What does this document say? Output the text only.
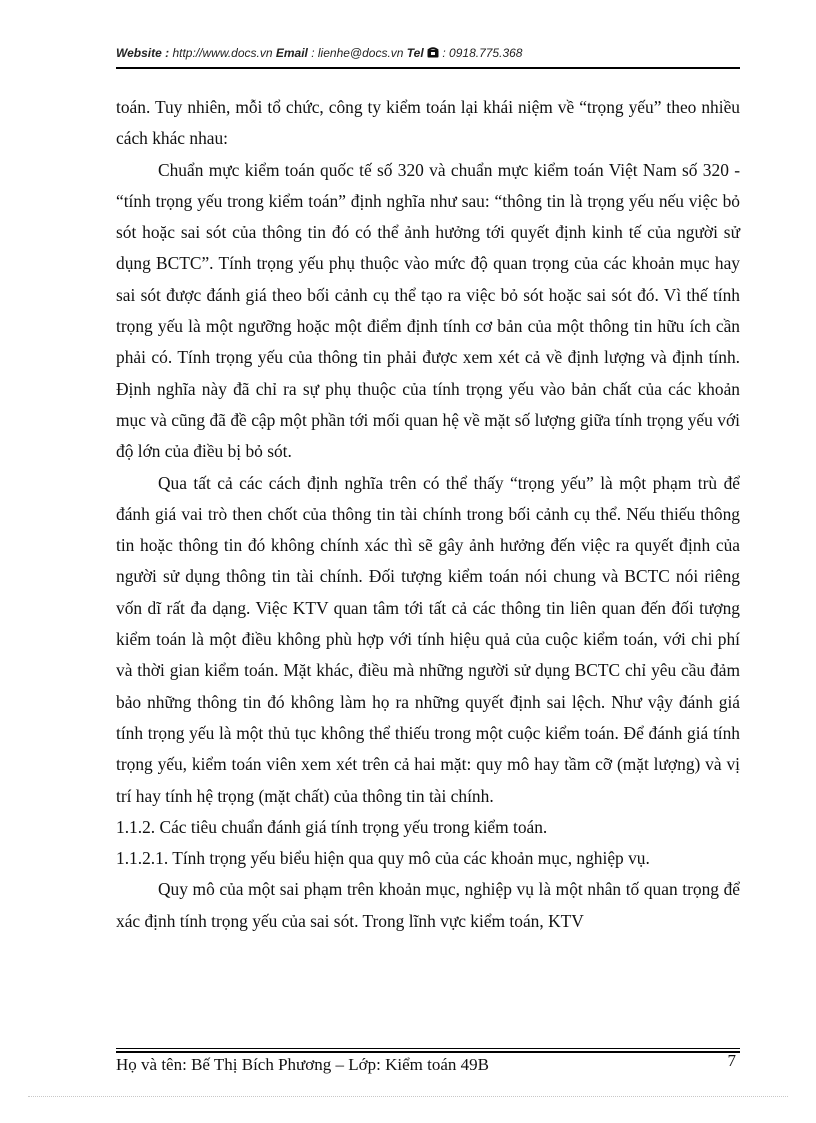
Website : http://www.docs.vn Email : lienhe@docs.vn Tel : 0918.775.368

toán. Tuy nhiên, mỗi tổ chức, công ty kiểm toán lại khái niệm về “trọng yếu” theo nhiều cách khác nhau:

Chuẩn mực kiểm toán quốc tế số 320 và chuẩn mực kiểm toán Việt Nam số 320 - “tính trọng yếu trong kiểm toán” định nghĩa như sau: “thông tin là trọng yếu nếu việc bỏ sót hoặc sai sót của thông tin đó có thể ảnh hưởng tới quyết định kinh tế của người sử dụng BCTC”. Tính trọng yếu phụ thuộc vào mức độ quan trọng của các khoản mục hay sai sót được đánh giá theo bối cảnh cụ thể tạo ra việc bỏ sót hoặc sai sót đó. Vì thế tính trọng yếu là một ngưỡng hoặc một điểm định tính cơ bản của một thông tin hữu ích cần phải có. Tính trọng yếu của thông tin phải được xem xét cả về định lượng và định tính. Định nghĩa này đã chỉ ra sự phụ thuộc của tính trọng yếu vào bản chất của các khoản mục và cũng đã đề cập một phần tới mối quan hệ về mặt số lượng giữa tính trọng yếu với độ lớn của điều bị bỏ sót.

Qua tất cả các cách định nghĩa trên có thể thấy “trọng yếu” là một phạm trù để đánh giá vai trò then chốt của thông tin tài chính trong bối cảnh cụ thể. Nếu thiếu thông tin hoặc thông tin đó không chính xác thì sẽ gây ảnh hưởng đến việc ra quyết định của người sử dụng thông tin tài chính. Đối tượng kiểm toán nói chung và BCTC nói riêng vốn dĩ rất đa dạng. Việc KTV quan tâm tới tất cả các thông tin liên quan đến đối tượng kiểm toán là một điều không phù hợp với tính hiệu quả của cuộc kiểm toán, với chi phí và thời gian kiểm toán. Mặt khác, điều mà những người sử dụng BCTC chỉ yêu cầu đảm bảo những thông tin đó không làm họ ra những quyết định sai lệch. Như vậy đánh giá tính trọng yếu là một thủ tục không thể thiếu trong một cuộc kiểm toán. Để đánh giá tính trọng yếu, kiểm toán viên xem xét trên cả hai mặt: quy mô hay tầm cỡ (mặt lượng) và vị trí hay tính hệ trọng (mặt chất) của thông tin tài chính.

1.1.2. Các tiêu chuẩn đánh giá tính trọng yếu trong kiểm toán.

1.1.2.1. Tính trọng yếu biểu hiện qua quy mô của các khoản mục, nghiệp vụ.

Quy mô của một sai phạm trên khoản mục, nghiệp vụ là một nhân tố quan trọng để xác định tính trọng yếu của sai sót. Trong lĩnh vực kiểm toán, KTV

Họ và tên: Bế Thị Bích Phương – Lớp: Kiểm toán 49B	7
